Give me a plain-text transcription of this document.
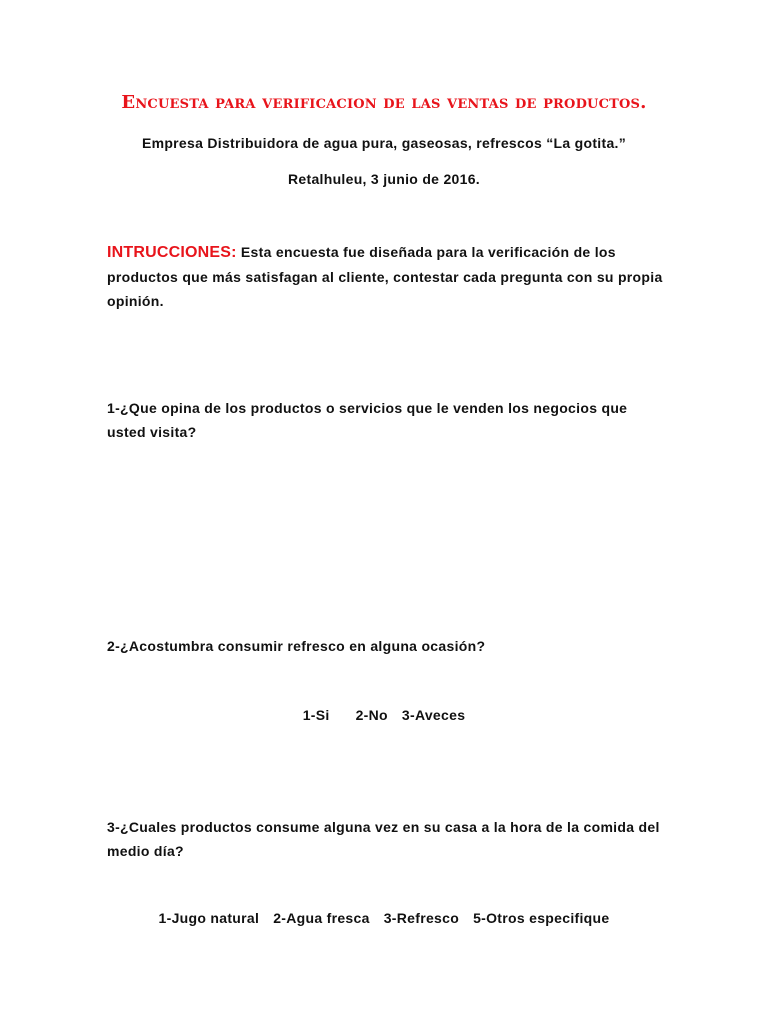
Encuesta para verificacion de las ventas de productos.
Empresa Distribuidora de agua pura, gaseosas, refrescos “La gotita.”
Retalhuleu, 3 junio de 2016.
INTRUCCIONES: Esta encuesta fue diseñada para la verificación de los productos que más satisfagan al cliente, contestar cada pregunta con su propia opinión.
1-¿Que opina de los productos o servicios que le venden los negocios que usted visita?
2-¿Acostumbra consumir refresco en alguna ocasión?
1-Si 2-No 3-Aveces
3-¿Cuales productos consume alguna vez en su casa a la hora de la comida del medio día?
1-Jugo natural 2-Agua fresca 3-Refresco 5-Otros especifique
